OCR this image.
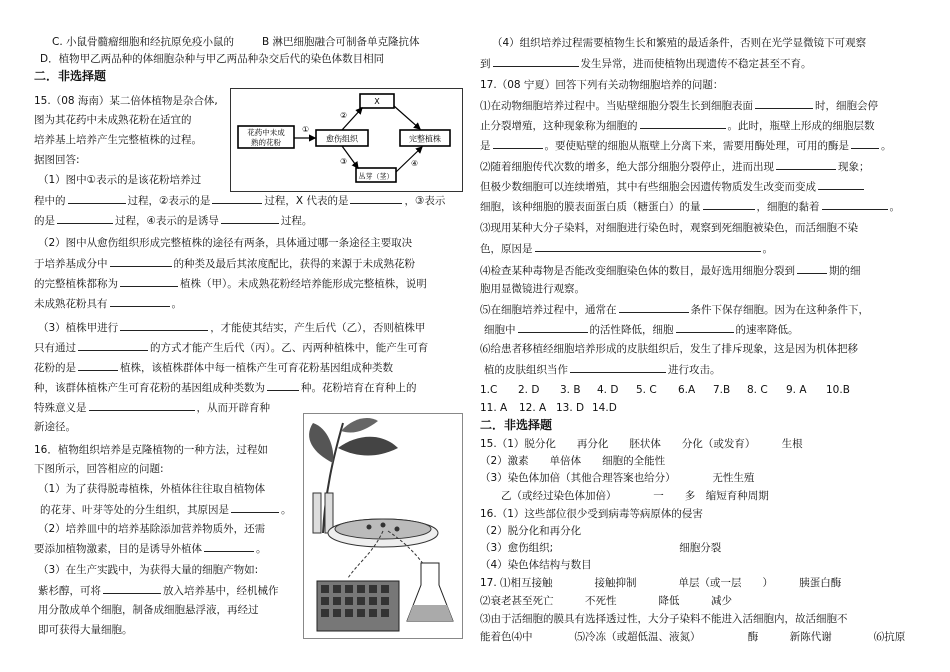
C. 小鼠骨髓瘤细胞和经抗原免疫小鼠的	B 淋巴细胞融合可制备单克隆抗体
D．植物甲乙两品种的体细胞杂种与甲乙两品种杂交后代的染色体数目相同
二．非选择题
15.（08 海南）某二倍体植物是杂合体,
图为其花药中未成熟花粉在适宜的
培养基上培养产生完整植株的过程。
据图回答:
（1）图中①表示的是该花粉培养过
程中的	过程，②表示的是	过程，X 代表的是	，③表示
的是	过程，④表示的是诱导	过程。
（2）图中从愈伤组织形成完整植株的途径有两条，具体通过哪一条途径主要取决
于培养基成分中	的种类及最后其浓度配比，获得的来源于未成熟花粉
的完整植株都称为	植株（甲）。未成熟花粉经培养能形成完整植株，说明
未成熟花粉具有	。
（3）植株甲进行	，才能使其结实，产生后代（乙），否则植株甲
只有通过	的方式才能产生后代（丙）。乙、丙两种植株中，能产生可育
花粉的是	植株，该植株群体中每一植株产生可育花粉基因组成种类数
种，该群体植株产生可育花粉的基因组成种类数为	种。花粉培育在育种上的
特殊意义是	，从而开辟育种
新途径。
花药中未成
熟的花粉	愈伤组织	完整植株
X
丛芽（茎）
①
②
③	④
16．植物组织培养是克隆植物的一种方法，过程如
下图所示，回答相应的问题:
（1）为了获得脱毒植株，外植体往往取自植物体
的花芽、叶芽等处的分生组织，其原因是	。
（2）培养皿中的培养基除添加营养物质外，还需
要添加植物激素，目的是诱导外植体	。
（3）在生产实践中，为获得大量的细胞产物如:
紫杉醇，可将	放入培养基中，经机械作
用分散成单个细胞，制备成细胞悬浮液，再经过
即可获得大量细胞。
（4）组织培养过程需要植物生长和繁殖的最适条件，否则在光学显微镜下可观察
到	发生异常，进而使植物出现遗传不稳定甚至不育。
17.（08 宁夏）回答下列有关动物细胞培养的问题：
⑴在动物细胞培养过程中。当贴壁细胞分裂生长到细胞表面	时，细胞会停
止分裂增殖，这种现象称为细胞的	。此时，瓶壁上形成的细胞层数
是	。要使贴壁的细胞从瓶壁上分离下来，需要用酶处理，可用的酶是	。
⑵随着细胞传代次数的增多，绝大部分细胞分裂停止，进而出现	现象；
但极少数细胞可以连续增殖，其中有些细胞会因遗传物质发生改变而变成
细胞，该种细胞的膜表面蛋白质（糖蛋白）的量	，细胞的黏着	。
⑶现用某种大分子染料，对细胞进行染色时，观察到死细胞被染色，而活细胞不染
色，原因是	。
⑷检查某种毒物是否能改变细胞染色体的数目，最好选用细胞分裂到	期的细
胞用显微镜进行观察。
⑸在细胞培养过程中，通常在	条件下保存细胞。因为在这种条件下，
细胞中	的活性降低，细胞	的速率降低。
⑹给患者移植经细胞培养形成的皮肤组织后，发生了排斥现象，这是因为机体把移
植的皮肤组织当作	进行攻击。
1.C 2. D 3. B 4. D 5. C 6.A 7.B 8. C 9. A 10.B
11. A 12. A 13. D 14.D
二．非选择题
15.（1）脱分化　　再分化　　胚状体　　分化（或发育）　　　生根
（2）激素　　单倍体　　细胞的全能性
（3）染色体加倍（其他合理答案也给分）　　　　无性生殖
　　乙（或经过染色体加倍）　　　　一　　多　缩短育种周期
16.（1）这些部位很少受到病毒等病原体的侵害
（2）脱分化和再分化
（3）愈伤组织;　　　　　　　　　　　　细胞分裂
（4）染色体结构与数目
17. ⑴相互接触　　　　接触抑制　　　　单层（或一层　　）　　　胰蛋白酶
⑵衰老甚至死亡　　　不死性　　　　降低　　　减少
⑶由于活细胞的膜具有选择透过性，大分子染料不能进入活细胞内，故活细胞不
能着色⑷中　　　　⑸冷冻（或超低温、液氮）　　　　　酶　　　新陈代谢　　　　⑹抗原
